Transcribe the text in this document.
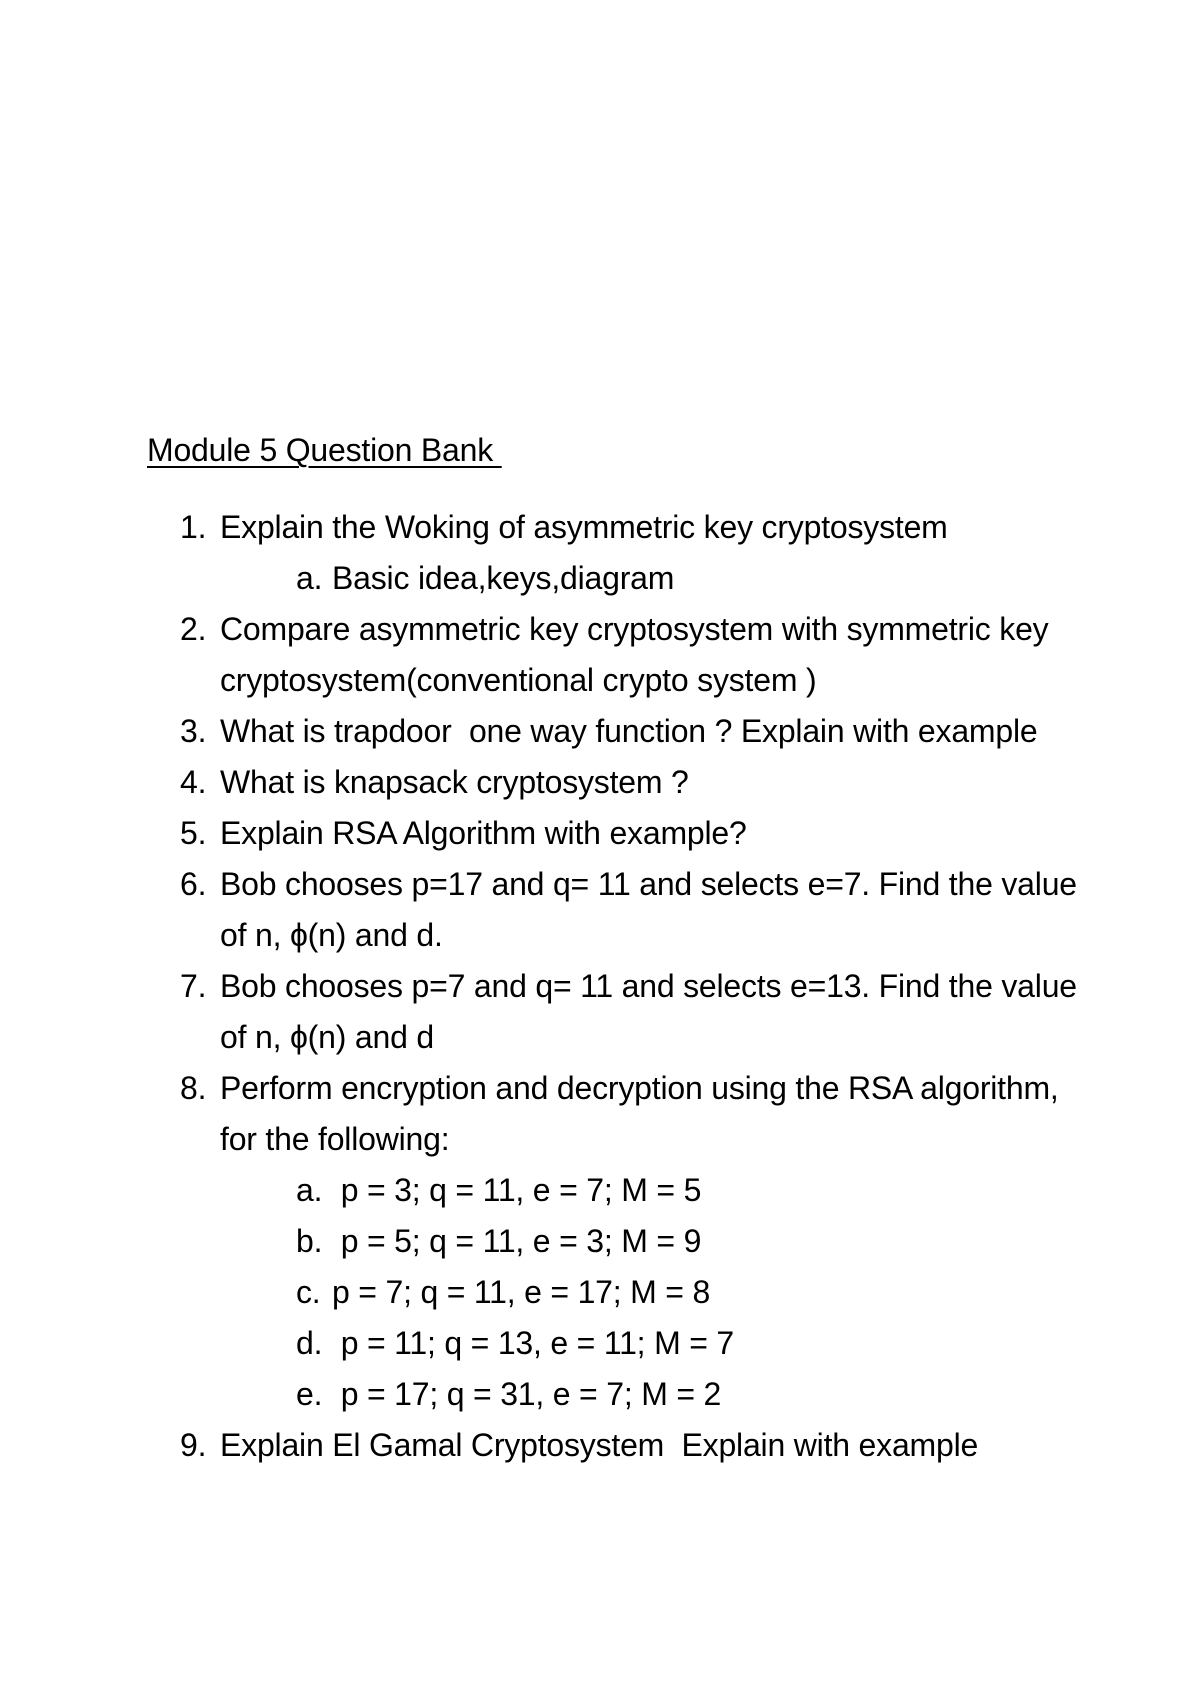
Module 5 Question Bank
1. Explain the Woking of asymmetric key cryptosystem
a. Basic idea,keys,diagram
2. Compare asymmetric key cryptosystem with symmetric key cryptosystem(conventional crypto system )
3. What is trapdoor  one way function ? Explain with example
4. What is knapsack cryptosystem ?
5. Explain RSA Algorithm with example?
6. Bob chooses p=17 and q= 11 and selects e=7. Find the value of n, ϕ(n) and d.
7. Bob chooses p=7 and q= 11 and selects e=13. Find the value of n, ϕ(n) and d
8. Perform encryption and decryption using the RSA algorithm, for the following:
a. p = 3; q = 11, e = 7; M = 5
b. p = 5; q = 11, e = 3; M = 9
c. p = 7; q = 11, e = 17; M = 8
d. p = 11; q = 13, e = 11; M = 7
e. p = 17; q = 31, e = 7; M = 2
9. Explain El Gamal Cryptosystem  Explain with example
